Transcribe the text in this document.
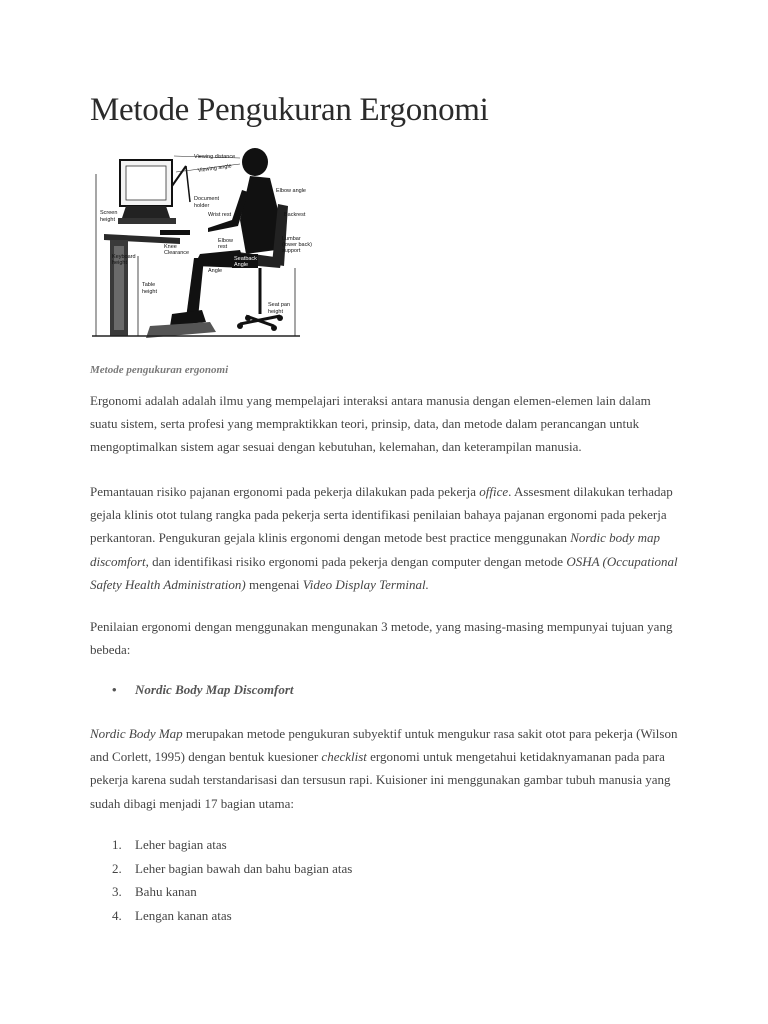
Metode Pengukuran Ergonomi
Viewing distance
Viewing angle
Elbow angle
Document
holder
Wrist rest	Backrest
Screen
height
Elbow
rest
Lumbar
(lower back)
support
Knee
Clearance
Knee
Angle
Seatback
Angle
Keyboard
height
Table
height
Seat pan
height

Metode pengukuran ergonomi

Ergonomi adalah adalah ilmu yang mempelajari interaksi antara manusia dengan elemen-elemen lain dalam suatu sistem, serta profesi yang mempraktikkan teori, prinsip, data, dan metode dalam perancangan untuk mengoptimalkan sistem agar sesuai dengan kebutuhan, kelemahan, dan keterampilan manusia.

Pemantauan risiko pajanan ergonomi pada pekerja dilakukan pada pekerja office. Assesment dilakukan terhadap gejala klinis otot tulang rangka pada pekerja serta identifikasi penilaian bahaya pajanan ergonomi pada pekerja perkantoran. Pengukuran gejala klinis ergonomi dengan metode best practice menggunakan Nordic body map discomfort, dan identifikasi risiko ergonomi pada pekerja dengan computer dengan metode OSHA (Occupational Safety Health Administration) mengenai Video Display Terminal.

Penilaian ergonomi dengan menggunakan mengunakan 3 metode, yang masing-masing mempunyai tujuan yang bebeda:

• Nordic Body Map Discomfort

Nordic Body Map merupakan metode pengukuran subyektif untuk mengukur rasa sakit otot para pekerja (Wilson and Corlett, 1995) dengan bentuk kuesioner checklist ergonomi untuk mengetahui ketidaknyamanan pada para pekerja karena sudah terstandarisasi dan tersusun rapi. Kuisioner ini menggunakan gambar tubuh manusia yang sudah dibagi menjadi 17 bagian utama:

1.	Leher bagian atas
2.	Leher bagian bawah dan bahu bagian atas
3.	Bahu kanan
4.	Lengan kanan atas
